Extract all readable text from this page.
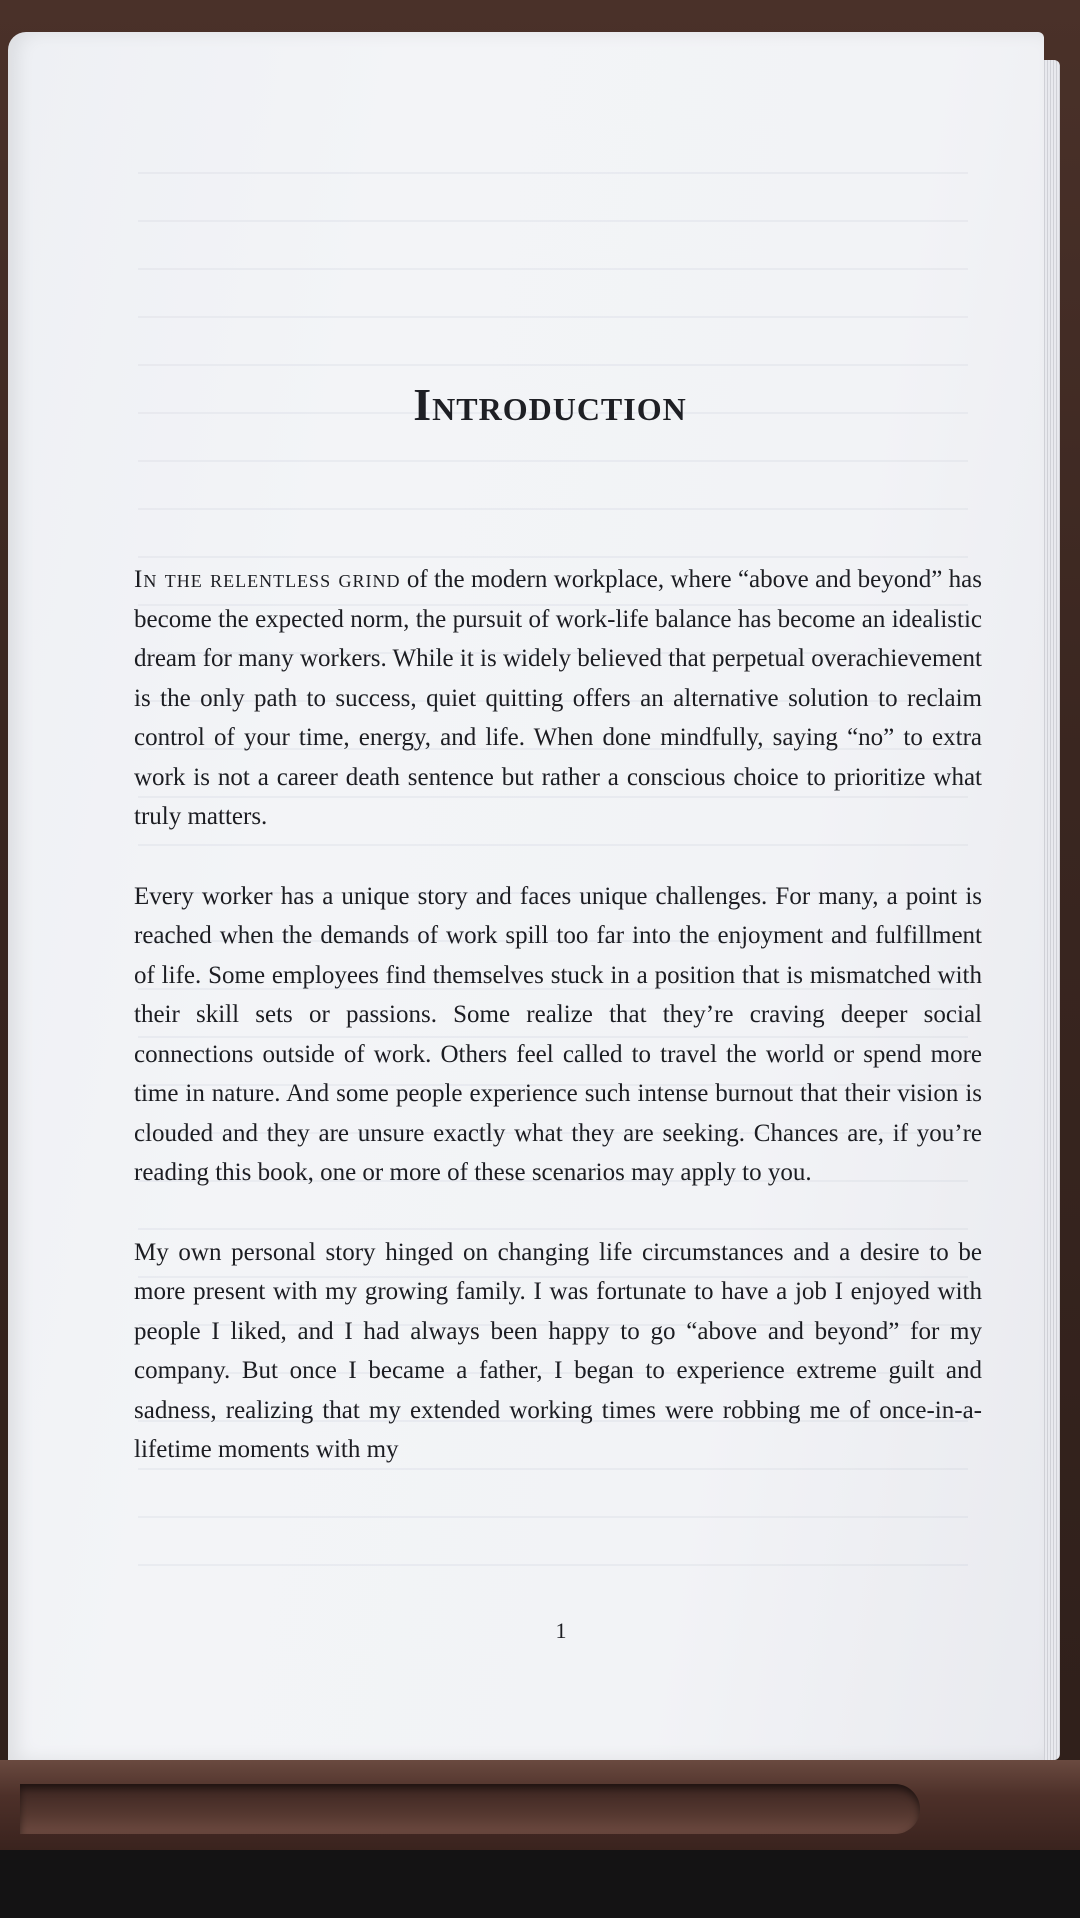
Introduction

In the relentless grind of the modern workplace, where “above and beyond” has become the expected norm, the pursuit of work-life balance has become an idealistic dream for many workers. While it is widely believed that perpetual overachievement is the only path to success, quiet quitting offers an alternative solution to reclaim control of your time, energy, and life. When done mindfully, saying “no” to extra work is not a career death sentence but rather a conscious choice to prioritize what truly matters.

Every worker has a unique story and faces unique challenges. For many, a point is reached when the demands of work spill too far into the enjoyment and fulfillment of life. Some employees find themselves stuck in a position that is mismatched with their skill sets or passions. Some realize that they’re craving deeper social connections outside of work. Others feel called to travel the world or spend more time in nature. And some people experience such intense burnout that their vision is clouded and they are unsure exactly what they are seeking. Chances are, if you’re reading this book, one or more of these scenarios may apply to you.

My own personal story hinged on changing life circumstances and a desire to be more present with my growing family. I was fortunate to have a job I enjoyed with people I liked, and I had always been happy to go “above and beyond” for my company. But once I became a father, I began to experience extreme guilt and sadness, realizing that my extended working times were robbing me of once-in-a-lifetime moments with my

1
